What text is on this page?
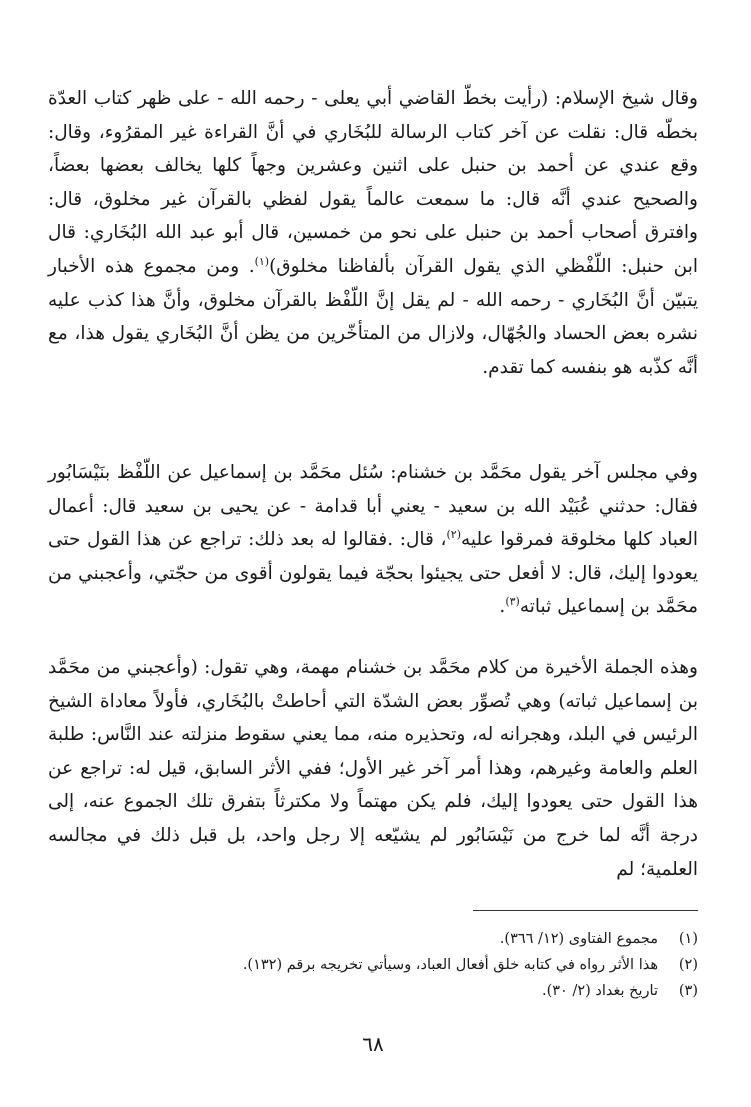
وقال شيخ الإسلام: (رأيت بخطّ القاضي أبي يعلى - رحمه الله - على ظهر كتاب العدّة بخطّه قال: نقلت عن آخر كتاب الرسالة للبُخَاري في أنَّ القراءة غير المقرُوء، وقال: وقع عندي عن أحمد بن حنبل على اثنين وعشرين وجهاً كلها يخالف بعضها بعضاً، والصحيح عندي أنَّه قال: ما سمعت عالماً يقول لفظي بالقرآن غير مخلوق، قال: وافترق أصحاب أحمد بن حنبل على نحو من خمسين، قال أبو عبد الله البُخَاري: قال ابن حنبل: اللّفْظي الذي يقول القرآن بألفاظنا مخلوق)$^{(١)}$. ومن مجموع هذه الأخبار يتبيّن أنَّ البُخَاري - رحمه الله - لم يقل إنَّ اللّفْظ بالقرآن مخلوق، وأنَّ هذا كذب عليه نشره بعض الحساد والجُهّال، ولازال من المتأخّرين من يظن أنَّ البُخَاري يقول هذا، مع أنَّه كذّبه هو بنفسه كما تقدم.

وفي مجلس آخر يقول محَمَّد بن خشنام: سُئل محَمَّد بن إسماعيل عن اللّفْظ بنَيْسَابُور فقال: حدثني عُبَيْد الله بن سعيد - يعني أبا قدامة - عن يحيى بن سعيد قال: أعمال العباد كلها مخلوقة فمرقوا عليه$^{(٢)}$، قال: .فقالوا له بعد ذلك: تراجع عن هذا القول حتى يعودوا إليك، قال: لا أفعل حتى يجيئوا بحجّة فيما يقولون أقوى من حجّتي، وأعجبني من محَمَّد بن إسماعيل ثباته$^{(٣)}$.

وهذه الجملة الأخيرة من كلام محَمَّد بن خشنام مهمة، وهي تقول: (وأعجبني من محَمَّد بن إسماعيل ثباته) وهي تُصوِّر بعض الشدّة التي أحاطتْ بالبُخَاري، فأولاً معاداة الشيخ الرئيس في البلد، وهجرانه له، وتحذيره منه، مما يعني سقوط منزلته عند النَّاس: طلبة العلم والعامة وغيرهم، وهذا أمر آخر غير الأول؛ ففي الأثر السابق، قيل له: تراجع عن هذا القول حتى يعودوا إليك، فلم يكن مهتماً ولا مكترثاً بتفرق تلك الجموع عنه، إلى درجة أنَّه لما خرج من نَيْسَابُور لم يشيّعه إلا رجل واحد، بل قبل ذلك في مجالسه العلمية؛ لم

(١)مجموع الفتاوى (١٢/ ٣٦٦).
(٢)هذا الأثر رواه في كتابه خلق أفعال العباد، وسيأتي تخريجه برقم (١٣٢).
(٣)تاريخ بغداد (٢/ ٣٠).
٦٨
